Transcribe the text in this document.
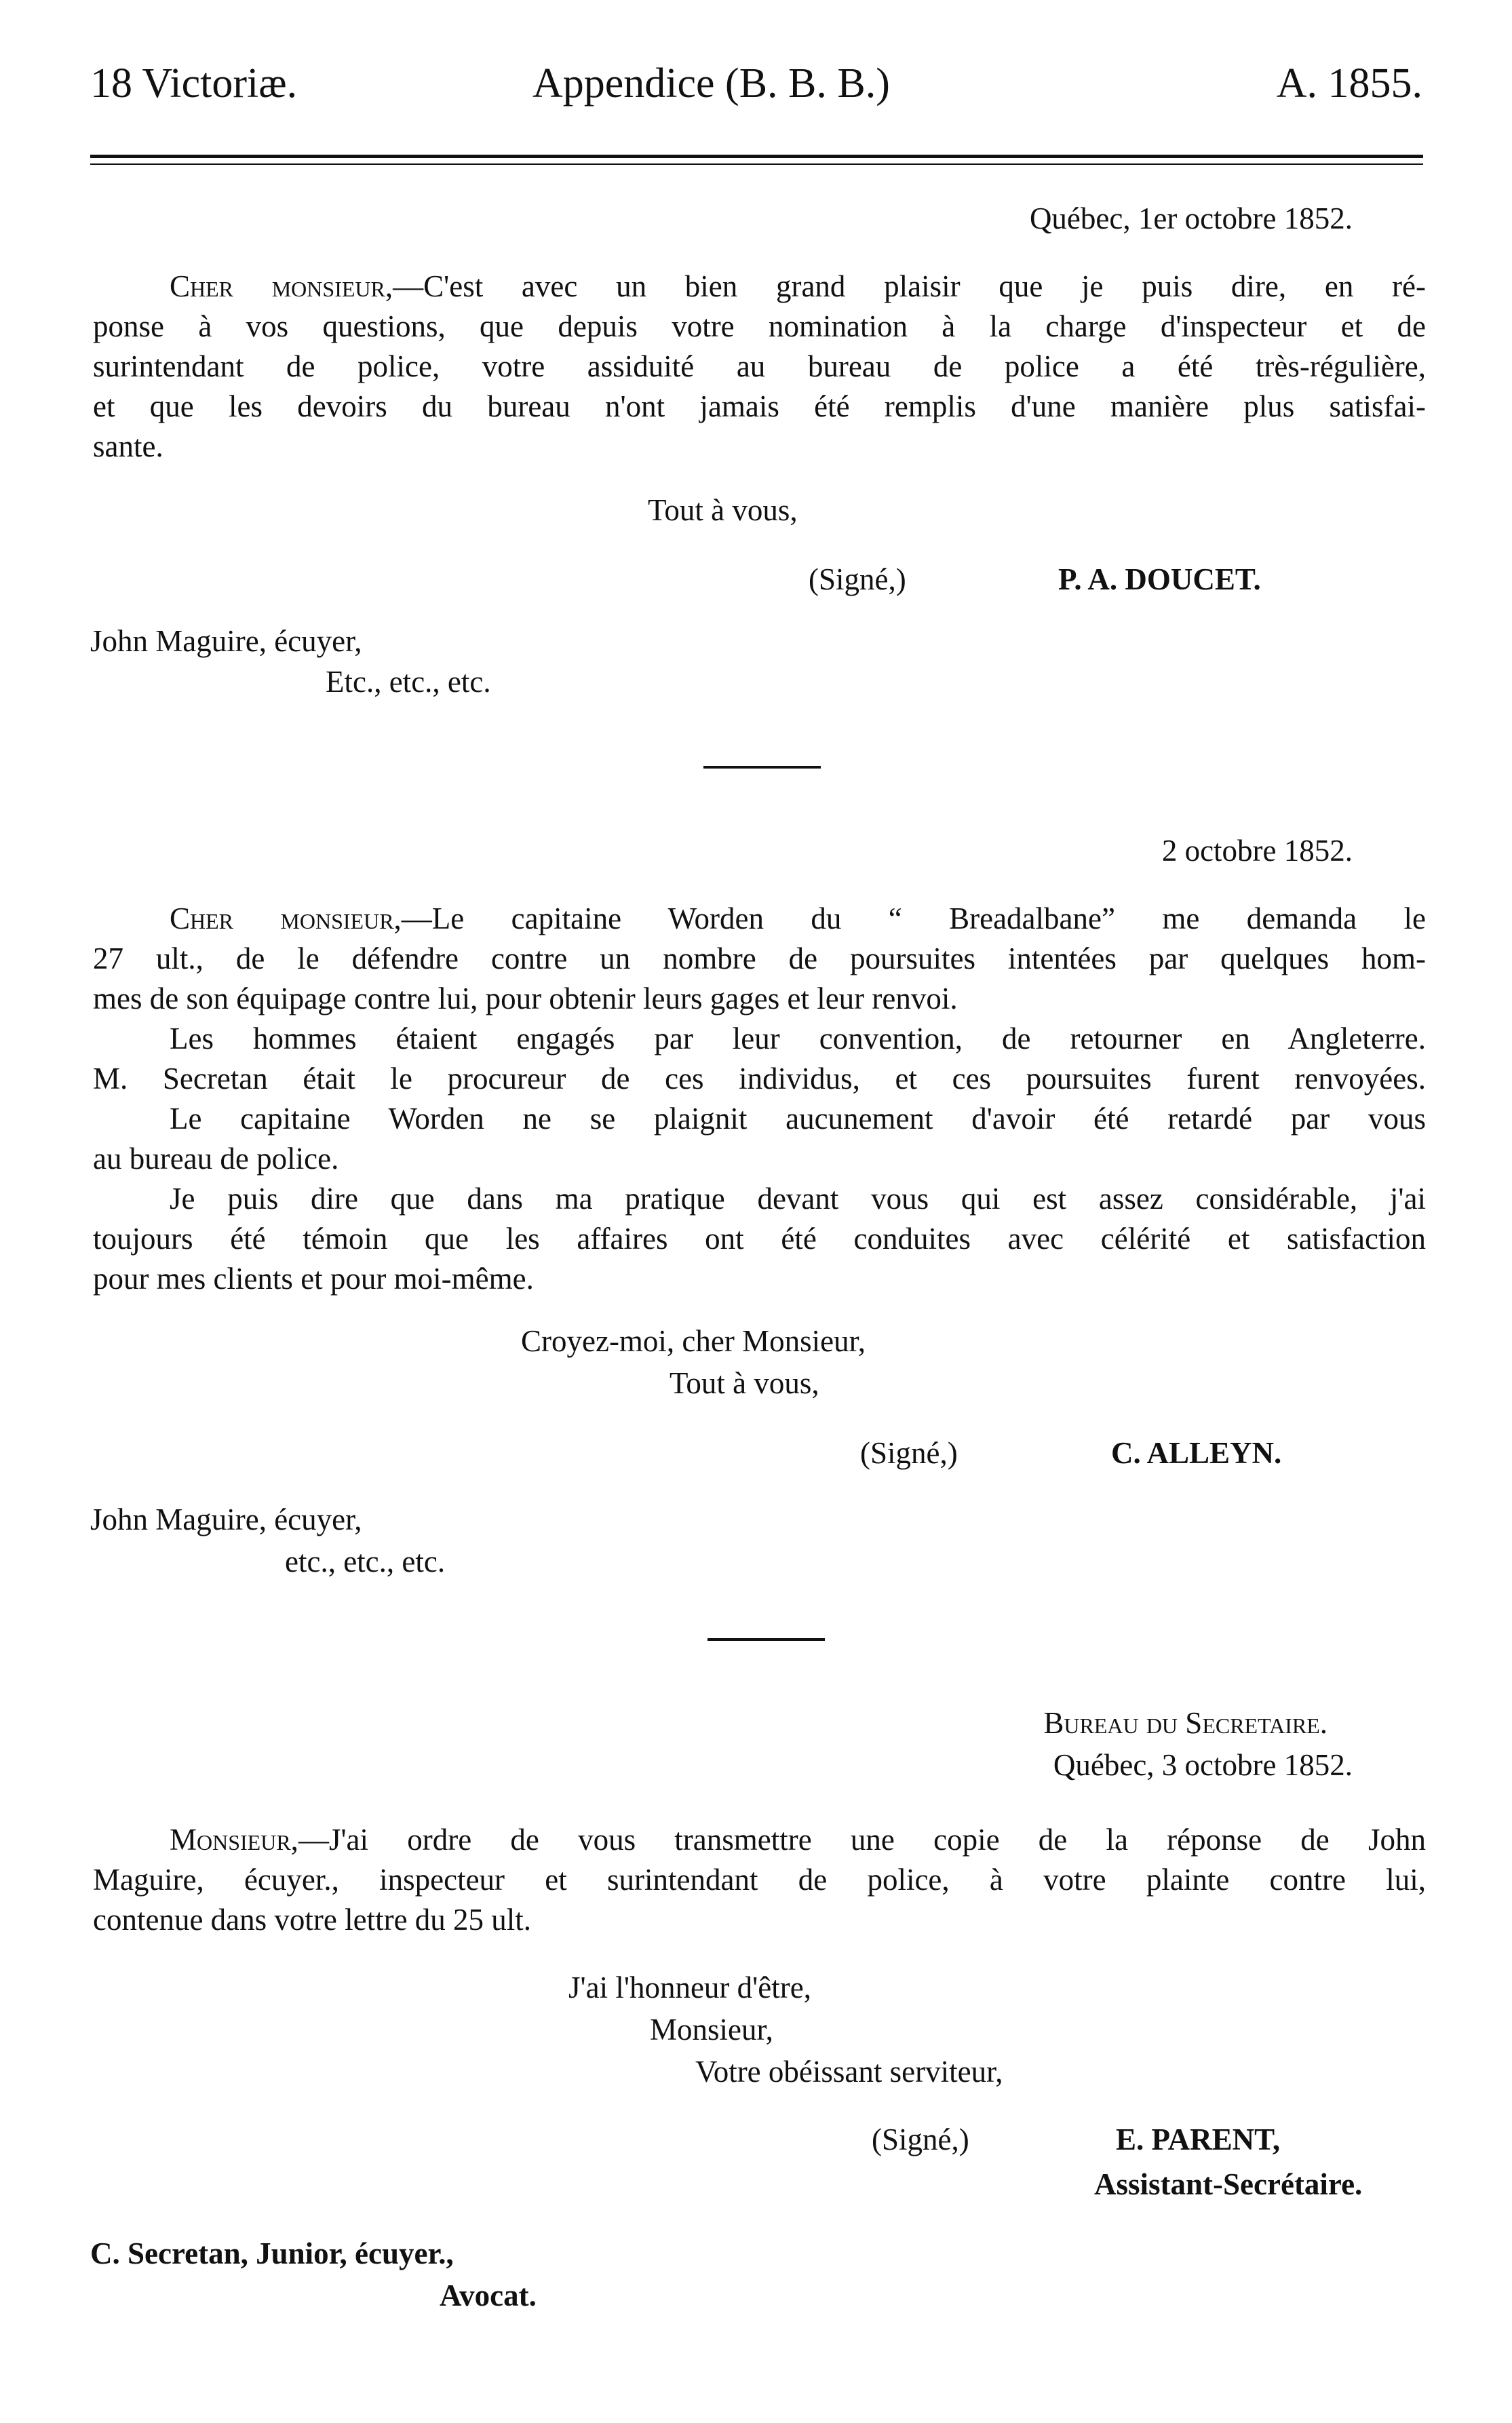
18 Victoriæ.	Appendice (B. B. B.)	A. 1855.
Québec, 1er octobre 1852.
Cher monsieur,—C'est avec un bien grand plaisir que je puis dire, en ré-
ponse à vos questions, que depuis votre nomination à la charge d'inspecteur et de
surintendant de police, votre assiduité au bureau de police a été très-régulière,
et que les devoirs du bureau n'ont jamais été remplis d'une manière plus satisfai-
sante.
Tout à vous,
(Signé,)	P. A. DOUCET.
John Maguire, écuyer,
Etc., etc., etc.
2 octobre 1852.
Cher monsieur,—Le capitaine Worden du “ Breadalbane” me demanda le
27 ult., de le défendre contre un nombre de poursuites intentées par quelques hom-
mes de son équipage contre lui, pour obtenir leurs gages et leur renvoi.
Les hommes étaient engagés par leur convention, de retourner en Angleterre.
M. Secretan était le procureur de ces individus, et ces poursuites furent renvoyées.
Le capitaine Worden ne se plaignit aucunement d'avoir été retardé par vous
au bureau de police.
Je puis dire que dans ma pratique devant vous qui est assez considérable, j'ai
toujours été témoin que les affaires ont été conduites avec célérité et satisfaction
pour mes clients et pour moi-même.
Croyez-moi, cher Monsieur,
Tout à vous,
(Signé,)	C. ALLEYN.
John Maguire, écuyer,
etc., etc., etc.
Bureau du Secretaire.
Québec, 3 octobre 1852.
Monsieur,—J'ai ordre de vous transmettre une copie de la réponse de John
Maguire, écuyer., inspecteur et surintendant de police, à votre plainte contre lui,
contenue dans votre lettre du 25 ult.
J'ai l'honneur d'être,
Monsieur,
Votre obéissant serviteur,
(Signé,)	E. PARENT,
Assistant-Secrétaire.
C. Secretan, Junior, écuyer.,
Avocat.
